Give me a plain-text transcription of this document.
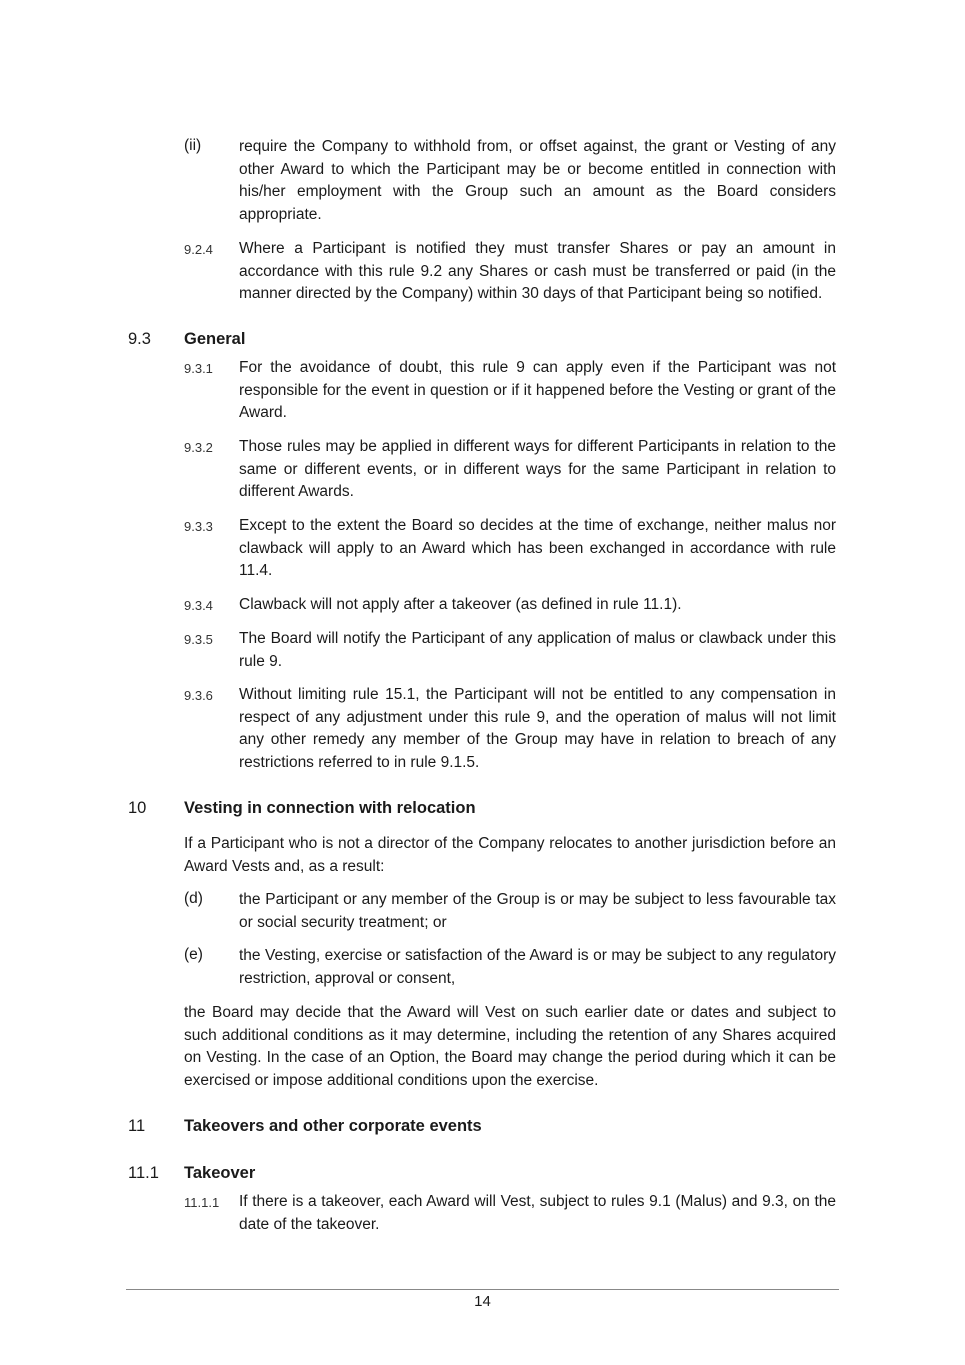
(ii) require the Company to withhold from, or offset against, the grant or Vesting of any other Award to which the Participant may be or become entitled in connection with his/her employment with the Group such an amount as the Board considers appropriate.
9.2.4 Where a Participant is notified they must transfer Shares or pay an amount in accordance with this rule 9.2 any Shares or cash must be transferred or paid (in the manner directed by the Company) within 30 days of that Participant being so notified.
9.3 General
9.3.1 For the avoidance of doubt, this rule 9 can apply even if the Participant was not responsible for the event in question or if it happened before the Vesting or grant of the Award.
9.3.2 Those rules may be applied in different ways for different Participants in relation to the same or different events, or in different ways for the same Participant in relation to different Awards.
9.3.3 Except to the extent the Board so decides at the time of exchange, neither malus nor clawback will apply to an Award which has been exchanged in accordance with rule 11.4.
9.3.4 Clawback will not apply after a takeover (as defined in rule 11.1).
9.3.5 The Board will notify the Participant of any application of malus or clawback under this rule 9.
9.3.6 Without limiting rule 15.1, the Participant will not be entitled to any compensation in respect of any adjustment under this rule 9, and the operation of malus will not limit any other remedy any member of the Group may have in relation to breach of any restrictions referred to in rule 9.1.5.
10 Vesting in connection with relocation
If a Participant who is not a director of the Company relocates to another jurisdiction before an Award Vests and, as a result:
(d) the Participant or any member of the Group is or may be subject to less favourable tax or social security treatment; or
(e) the Vesting, exercise or satisfaction of the Award is or may be subject to any regulatory restriction, approval or consent,
the Board may decide that the Award will Vest on such earlier date or dates and subject to such additional conditions as it may determine, including the retention of any Shares acquired on Vesting. In the case of an Option, the Board may change the period during which it can be exercised or impose additional conditions upon the exercise.
11 Takeovers and other corporate events
11.1 Takeover
11.1.1 If there is a takeover, each Award will Vest, subject to rules 9.1 (Malus) and 9.3, on the date of the takeover.
14
